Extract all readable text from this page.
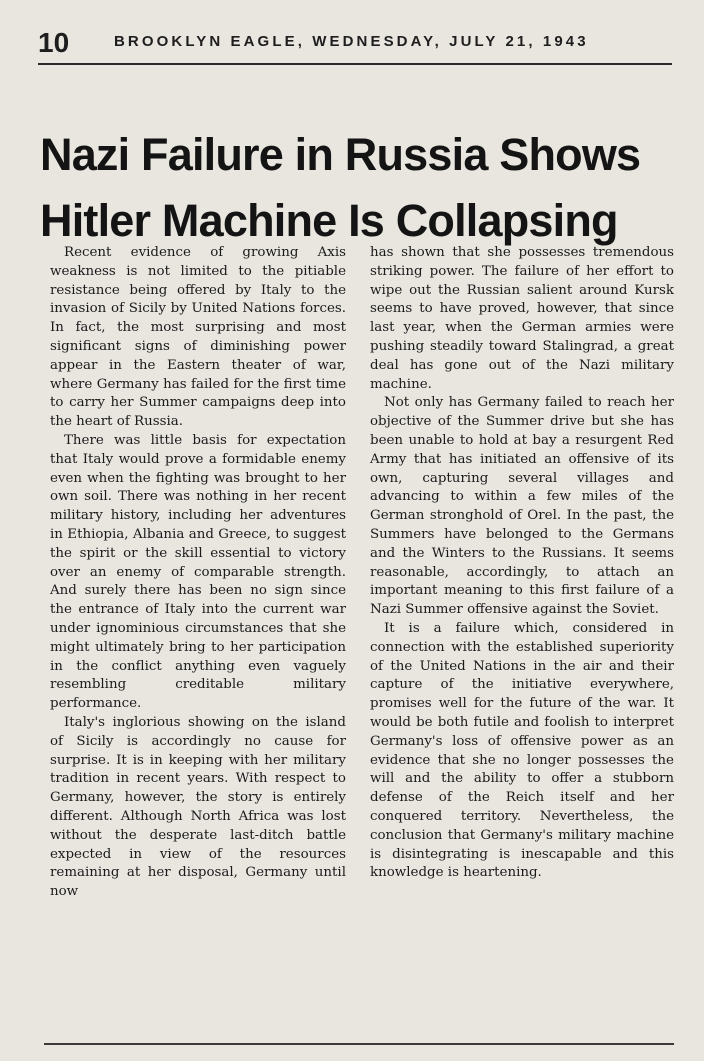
10	BROOKLYN EAGLE, WEDNESDAY, JULY 21, 1943
Nazi Failure in Russia Shows
Hitler Machine Is Collapsing

Recent evidence of growing Axis weakness is not limited to the pitiable resistance being offered by Italy to the invasion of Sicily by United Nations forces. In fact, the most surprising and most significant signs of diminishing power appear in the Eastern theater of war, where Germany has failed for the first time to carry her Summer campaigns deep into the heart of Russia.

There was little basis for expectation that Italy would prove a formidable enemy even when the fighting was brought to her own soil. There was nothing in her recent military history, including her adventures in Ethiopia, Albania and Greece, to suggest the spirit or the skill essential to victory over an enemy of comparable strength. And surely there has been no sign since the entrance of Italy into the current war under ignominious circumstances that she might ultimately bring to her participation in the conflict anything even vaguely resembling creditable military performance.

Italy's inglorious showing on the island of Sicily is accordingly no cause for surprise. It is in keeping with her military tradition in recent years. With respect to Germany, however, the story is entirely different. Although North Africa was lost without the desperate last-ditch battle expected in view of the resources remaining at her disposal, Germany until now

has shown that she possesses tremendous striking power. The failure of her effort to wipe out the Russian salient around Kursk seems to have proved, however, that since last year, when the German armies were pushing steadily toward Stalingrad, a great deal has gone out of the Nazi military machine.

Not only has Germany failed to reach her objective of the Summer drive but she has been unable to hold at bay a resurgent Red Army that has initiated an offensive of its own, capturing several villages and advancing to within a few miles of the German stronghold of Orel. In the past, the Summers have belonged to the Germans and the Winters to the Russians. It seems reasonable, accordingly, to attach an important meaning to this first failure of a Nazi Summer offensive against the Soviet.

It is a failure which, considered in connection with the established superiority of the United Nations in the air and their capture of the initiative everywhere, promises well for the future of the war. It would be both futile and foolish to interpret Germany's loss of offensive power as an evidence that she no longer possesses the will and the ability to offer a stubborn defense of the Reich itself and her conquered territory. Nevertheless, the conclusion that Germany's military machine is disintegrating is inescapable and this knowledge is heartening.
